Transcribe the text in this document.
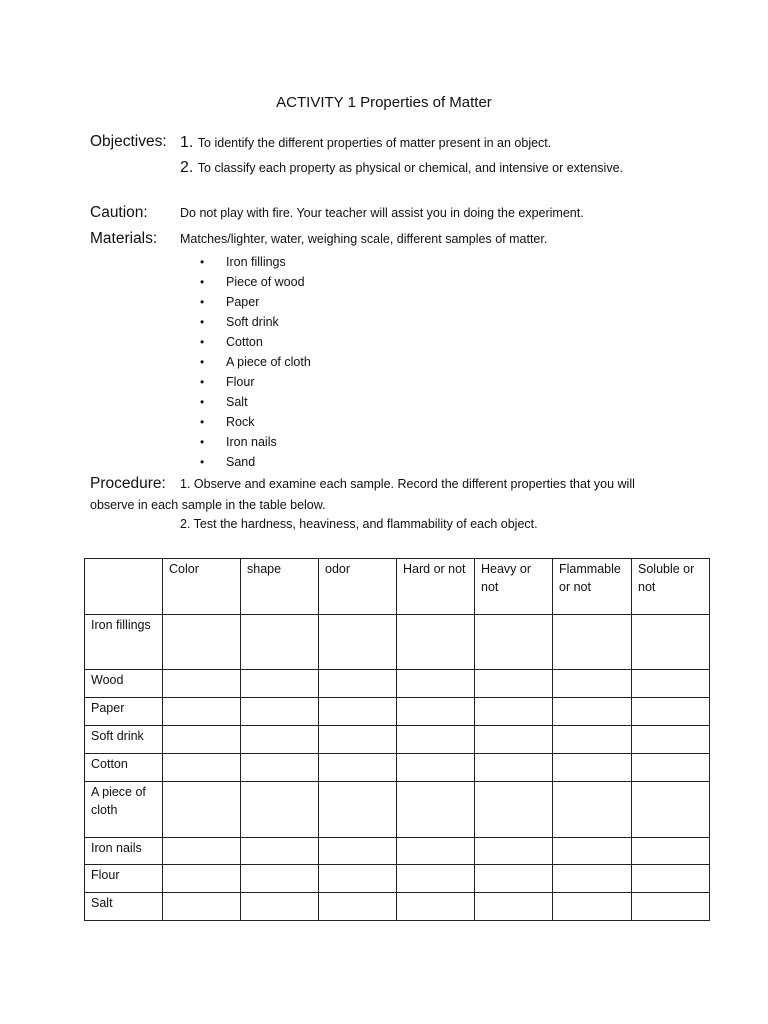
ACTIVITY 1 Properties of Matter
Objectives: 1. To identify the different properties of matter present in an object.
2. To classify each property as physical or chemical, and intensive or extensive.
Caution:	Do not play with fire. Your teacher will assist you in doing the experiment.
Materials: Matches/lighter, water, weighing scale, different samples of matter.
• Iron fillings
• Piece of wood
• Paper
• Soft drink
• Cotton
• A piece of cloth
• Flour
• Salt
• Rock
• Iron nails
• Sand
Procedure: 1. Observe and examine each sample. Record the different properties that you will
observe in each sample in the table below.
2. Test the hardness, heaviness, and flammability of each object.
	Color	shape	odor	Hard or not	Heavy or not	Flammable or not	Soluble or not
Iron fillings							
Wood							
Paper							
Soft drink							
Cotton							
A piece of cloth							
Iron nails							
Flour							
Salt							
